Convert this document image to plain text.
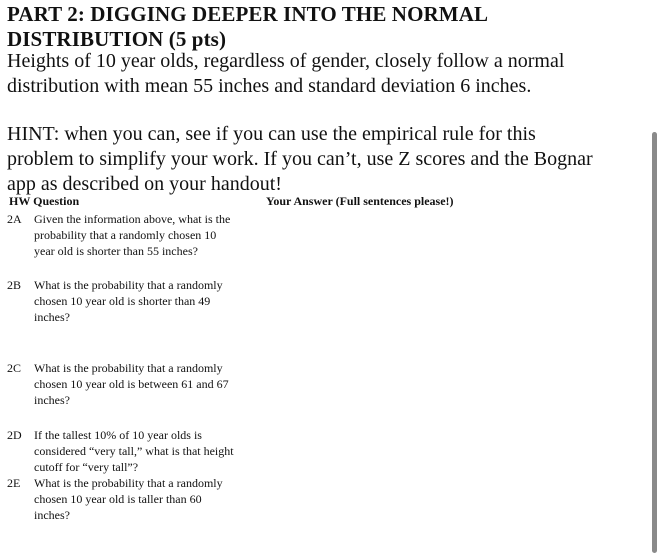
PART 2: DIGGING DEEPER INTO THE NORMAL
DISTRIBUTION (5 pts)
Heights of 10 year olds, regardless of gender, closely follow a normal
distribution with mean 55 inches and standard deviation 6 inches.
HINT: when you can, see if you can use the empirical rule for this
problem to simplify your work. If you can’t, use Z scores and the Bognar
app as described on your handout!
HW Question	Your Answer (Full sentences please!)
2A	Given the information above, what is the
probability that a randomly chosen 10
year old is shorter than 55 inches?
2B	What is the probability that a randomly
chosen 10 year old is shorter than 49
inches?
2C	What is the probability that a randomly
chosen 10 year old is between 61 and 67
inches?
2D	If the tallest 10% of 10 year olds is
considered “very tall,” what is that height
cutoff for “very tall”?
2E	What is the probability that a randomly
chosen 10 year old is taller than 60
inches?
